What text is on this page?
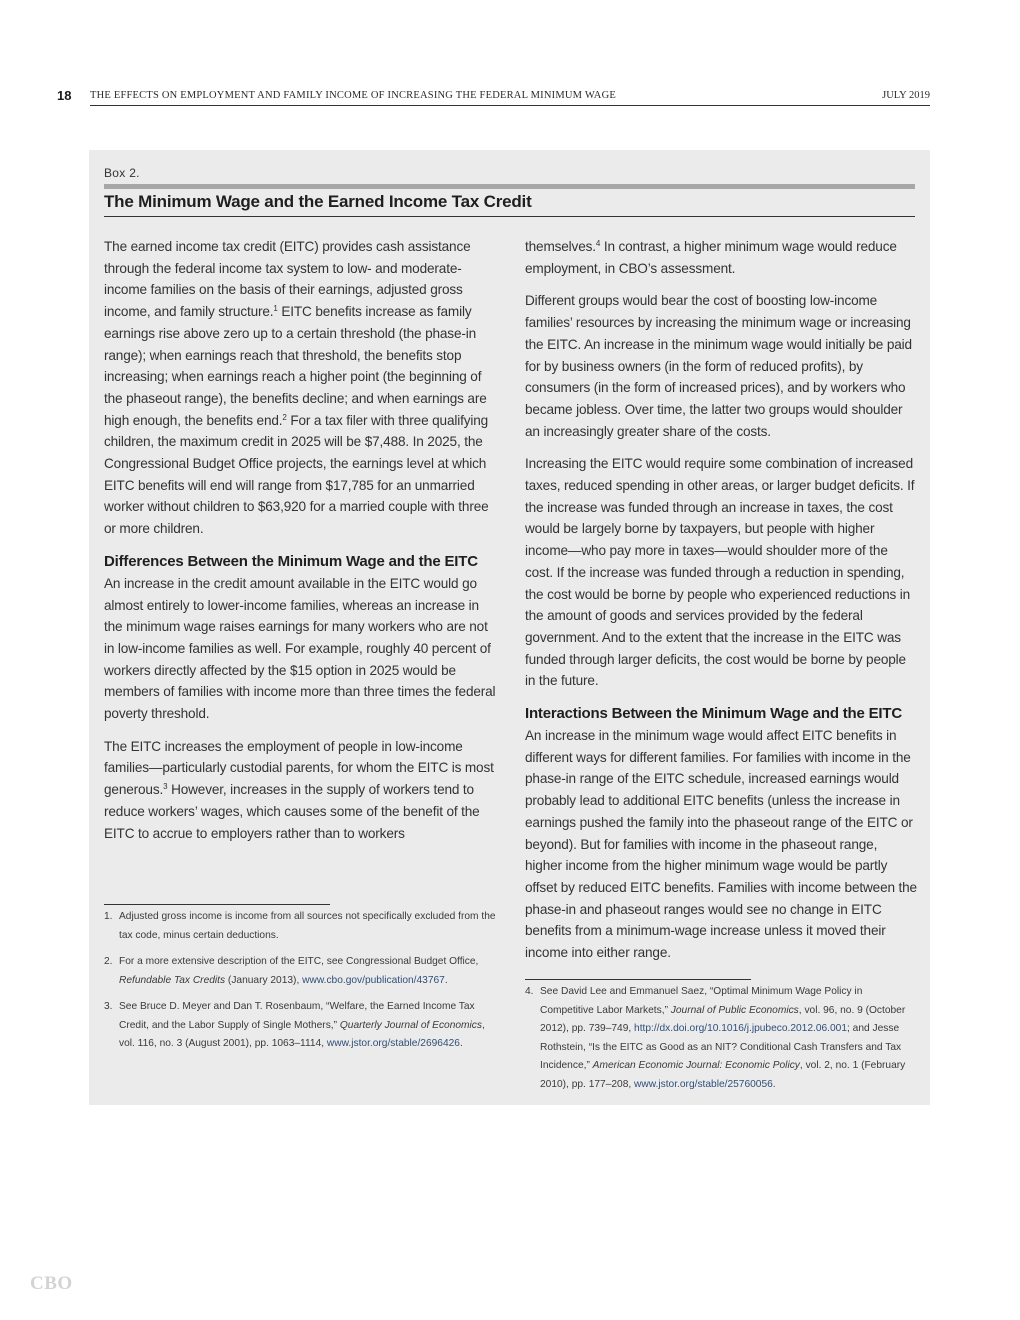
18 THE EFFECTS ON EMPLOYMENT AND FAMILY INCOME OF INCREASING THE FEDERAL MINIMUM WAGE	JULY 2019
Box 2.
The Minimum Wage and the Earned Income Tax Credit

The earned income tax credit (EITC) provides cash assistance through the federal income tax system to low- and moderate-income families on the basis of their earnings, adjusted gross income, and family structure.$^1$ EITC benefits increase as family earnings rise above zero up to a certain threshold (the phase-in range); when earnings reach that threshold, the benefits stop increasing; when earnings reach a higher point (the beginning of the phaseout range), the benefits decline; and when earnings are high enough, the benefits end.$^2$ For a tax filer with three qualifying children, the maximum credit in 2025 will be $7,488. In 2025, the Congressional Budget Office projects, the earnings level at which EITC benefits will end will range from $17,785 for an unmarried worker without children to $63,920 for a married couple with three or more children.

Differences Between the Minimum Wage and the EITC

An increase in the credit amount available in the EITC would go almost entirely to lower-income families, whereas an increase in the minimum wage raises earnings for many workers who are not in low-income families as well. For example, roughly 40 percent of workers directly affected by the $15 option in 2025 would be members of families with income more than three times the federal poverty threshold.

The EITC increases the employment of people in low-income families—particularly custodial parents, for whom the EITC is most generous.$^3$ However, increases in the supply of workers tend to reduce workers’ wages, which causes some of the benefit of the EITC to accrue to employers rather than to workers

themselves.$^4$ In contrast, a higher minimum wage would reduce employment, in CBO’s assessment.

Different groups would bear the cost of boosting low-income families’ resources by increasing the minimum wage or increasing the EITC. An increase in the minimum wage would initially be paid for by business owners (in the form of reduced profits), by consumers (in the form of increased prices), and by workers who became jobless. Over time, the latter two groups would shoulder an increasingly greater share of the costs.

Increasing the EITC would require some combination of increased taxes, reduced spending in other areas, or larger budget deficits. If the increase was funded through an increase in taxes, the cost would be largely borne by taxpayers, but people with higher income—who pay more in taxes—would shoulder more of the cost. If the increase was funded through a reduction in spending, the cost would be borne by people who experienced reductions in the amount of goods and services provided by the federal government. And to the extent that the increase in the EITC was funded through larger deficits, the cost would be borne by people in the future.

Interactions Between the Minimum Wage and the EITC

An increase in the minimum wage would affect EITC benefits in different ways for different families. For families with income in the phase-in range of the EITC schedule, increased earnings would probably lead to additional EITC benefits (unless the increase in earnings pushed the family into the phaseout range of the EITC or beyond). But for families with income in the phaseout range, higher income from the higher minimum wage would be partly offset by reduced EITC benefits. Families with income between the phase-in and phaseout ranges would see no change in EITC benefits from a minimum-wage increase unless it moved their income into either range.

1. Adjusted gross income is income from all sources not specifically excluded from the tax code, minus certain deductions.
2. For a more extensive description of the EITC, see Congressional Budget Office, Refundable Tax Credits (January 2013), www.cbo.gov/publication/43767.
3. See Bruce D. Meyer and Dan T. Rosenbaum, “Welfare, the Earned Income Tax Credit, and the Labor Supply of Single Mothers,” Quarterly Journal of Economics, vol. 116, no. 3 (August 2001), pp. 1063–1114, www.jstor.org/stable/2696426.
4. See David Lee and Emmanuel Saez, “Optimal Minimum Wage Policy in Competitive Labor Markets,” Journal of Public Economics, vol. 96, no. 9 (October 2012), pp. 739–749, http://dx.doi.org/10.1016/j.jpubeco.2012.06.001; and Jesse Rothstein, “Is the EITC as Good as an NIT? Conditional Cash Transfers and Tax Incidence,” American Economic Journal: Economic Policy, vol. 2, no. 1 (February 2010), pp. 177–208, www.jstor.org/stable/25760056.
CBO
